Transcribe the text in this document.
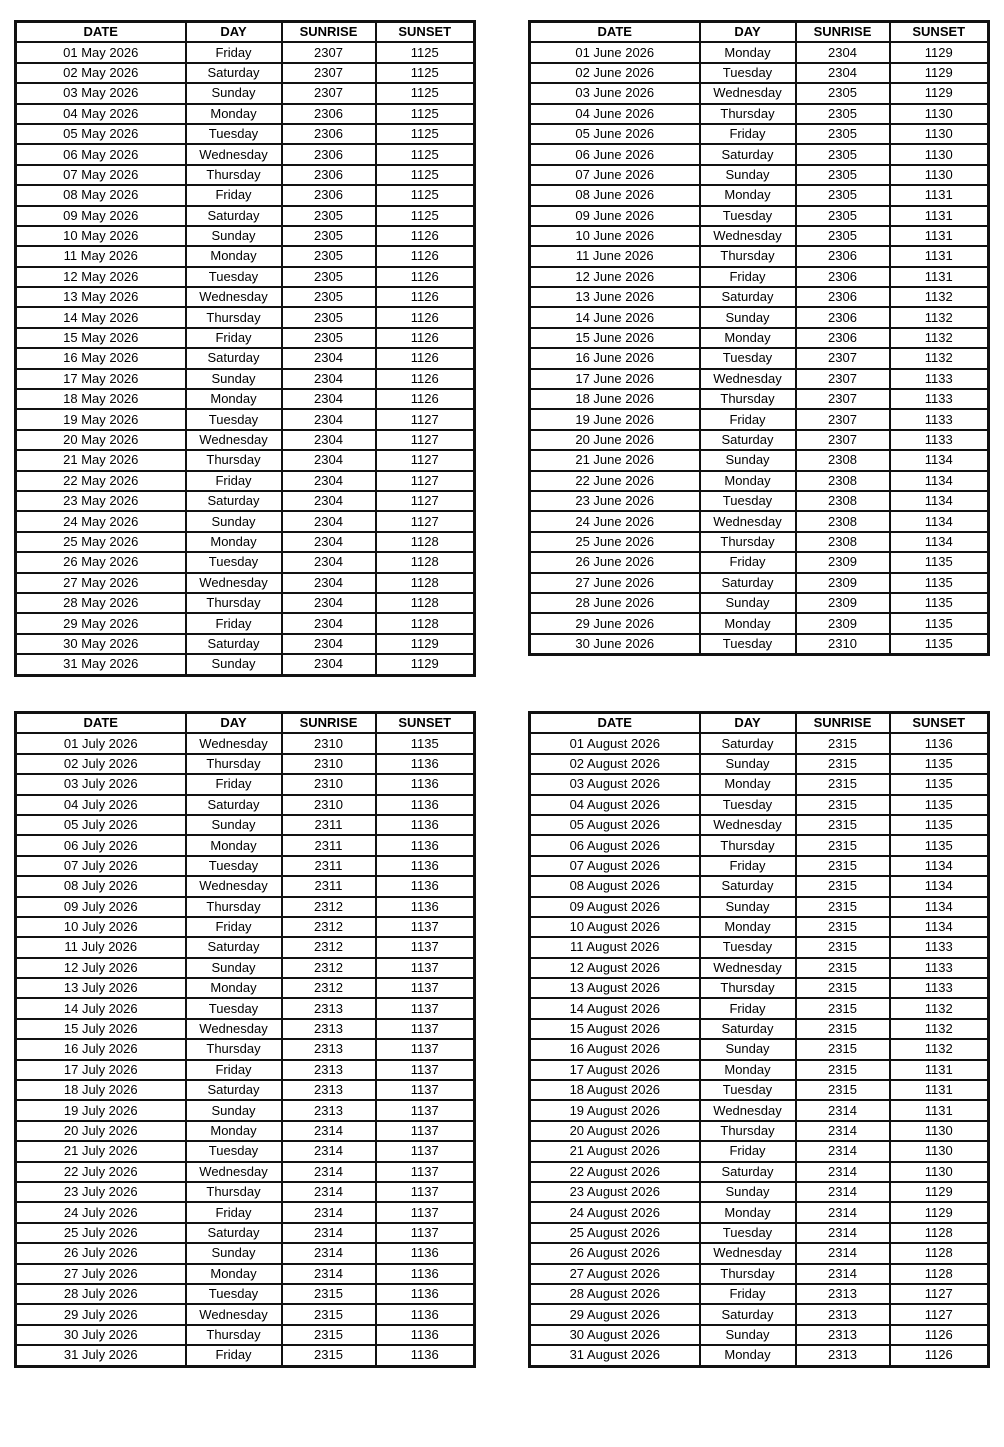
DATE	DAY	SUNRISE	SUNSET
01 May 2026	Friday	2307	1125
02 May 2026	Saturday	2307	1125
03 May 2026	Sunday	2307	1125
04 May 2026	Monday	2306	1125
05 May 2026	Tuesday	2306	1125
06 May 2026	Wednesday	2306	1125
07 May 2026	Thursday	2306	1125
08 May 2026	Friday	2306	1125
09 May 2026	Saturday	2305	1125
10 May 2026	Sunday	2305	1126
11 May 2026	Monday	2305	1126
12 May 2026	Tuesday	2305	1126
13 May 2026	Wednesday	2305	1126
14 May 2026	Thursday	2305	1126
15 May 2026	Friday	2305	1126
16 May 2026	Saturday	2304	1126
17 May 2026	Sunday	2304	1126
18 May 2026	Monday	2304	1126
19 May 2026	Tuesday	2304	1127
20 May 2026	Wednesday	2304	1127
21 May 2026	Thursday	2304	1127
22 May 2026	Friday	2304	1127
23 May 2026	Saturday	2304	1127
24 May 2026	Sunday	2304	1127
25 May 2026	Monday	2304	1128
26 May 2026	Tuesday	2304	1128
27 May 2026	Wednesday	2304	1128
28 May 2026	Thursday	2304	1128
29 May 2026	Friday	2304	1128
30 May 2026	Saturday	2304	1129
31 May 2026	Sunday	2304	1129
DATE	DAY	SUNRISE	SUNSET
01 June 2026	Monday	2304	1129
02 June 2026	Tuesday	2304	1129
03 June 2026	Wednesday	2305	1129
04 June 2026	Thursday	2305	1130
05 June 2026	Friday	2305	1130
06 June 2026	Saturday	2305	1130
07 June 2026	Sunday	2305	1130
08 June 2026	Monday	2305	1131
09 June 2026	Tuesday	2305	1131
10 June 2026	Wednesday	2305	1131
11 June 2026	Thursday	2306	1131
12 June 2026	Friday	2306	1131
13 June 2026	Saturday	2306	1132
14 June 2026	Sunday	2306	1132
15 June 2026	Monday	2306	1132
16 June 2026	Tuesday	2307	1132
17 June 2026	Wednesday	2307	1133
18 June 2026	Thursday	2307	1133
19 June 2026	Friday	2307	1133
20 June 2026	Saturday	2307	1133
21 June 2026	Sunday	2308	1134
22 June 2026	Monday	2308	1134
23 June 2026	Tuesday	2308	1134
24 June 2026	Wednesday	2308	1134
25 June 2026	Thursday	2308	1134
26 June 2026	Friday	2309	1135
27 June 2026	Saturday	2309	1135
28 June 2026	Sunday	2309	1135
29 June 2026	Monday	2309	1135
30 June 2026	Tuesday	2310	1135
DATE	DAY	SUNRISE	SUNSET
01 July 2026	Wednesday	2310	1135
02 July 2026	Thursday	2310	1136
03 July 2026	Friday	2310	1136
04 July 2026	Saturday	2310	1136
05 July 2026	Sunday	2311	1136
06 July 2026	Monday	2311	1136
07 July 2026	Tuesday	2311	1136
08 July 2026	Wednesday	2311	1136
09 July 2026	Thursday	2312	1136
10 July 2026	Friday	2312	1137
11 July 2026	Saturday	2312	1137
12 July 2026	Sunday	2312	1137
13 July 2026	Monday	2312	1137
14 July 2026	Tuesday	2313	1137
15 July 2026	Wednesday	2313	1137
16 July 2026	Thursday	2313	1137
17 July 2026	Friday	2313	1137
18 July 2026	Saturday	2313	1137
19 July 2026	Sunday	2313	1137
20 July 2026	Monday	2314	1137
21 July 2026	Tuesday	2314	1137
22 July 2026	Wednesday	2314	1137
23 July 2026	Thursday	2314	1137
24 July 2026	Friday	2314	1137
25 July 2026	Saturday	2314	1137
26 July 2026	Sunday	2314	1136
27 July 2026	Monday	2314	1136
28 July 2026	Tuesday	2315	1136
29 July 2026	Wednesday	2315	1136
30 July 2026	Thursday	2315	1136
31 July 2026	Friday	2315	1136
DATE	DAY	SUNRISE	SUNSET
01 August 2026	Saturday	2315	1136
02 August 2026	Sunday	2315	1135
03 August 2026	Monday	2315	1135
04 August 2026	Tuesday	2315	1135
05 August 2026	Wednesday	2315	1135
06 August 2026	Thursday	2315	1135
07 August 2026	Friday	2315	1134
08 August 2026	Saturday	2315	1134
09 August 2026	Sunday	2315	1134
10 August 2026	Monday	2315	1134
11 August 2026	Tuesday	2315	1133
12 August 2026	Wednesday	2315	1133
13 August 2026	Thursday	2315	1133
14 August 2026	Friday	2315	1132
15 August 2026	Saturday	2315	1132
16 August 2026	Sunday	2315	1132
17 August 2026	Monday	2315	1131
18 August 2026	Tuesday	2315	1131
19 August 2026	Wednesday	2314	1131
20 August 2026	Thursday	2314	1130
21 August 2026	Friday	2314	1130
22 August 2026	Saturday	2314	1130
23 August 2026	Sunday	2314	1129
24 August 2026	Monday	2314	1129
25 August 2026	Tuesday	2314	1128
26 August 2026	Wednesday	2314	1128
27 August 2026	Thursday	2314	1128
28 August 2026	Friday	2313	1127
29 August 2026	Saturday	2313	1127
30 August 2026	Sunday	2313	1126
31 August 2026	Monday	2313	1126
